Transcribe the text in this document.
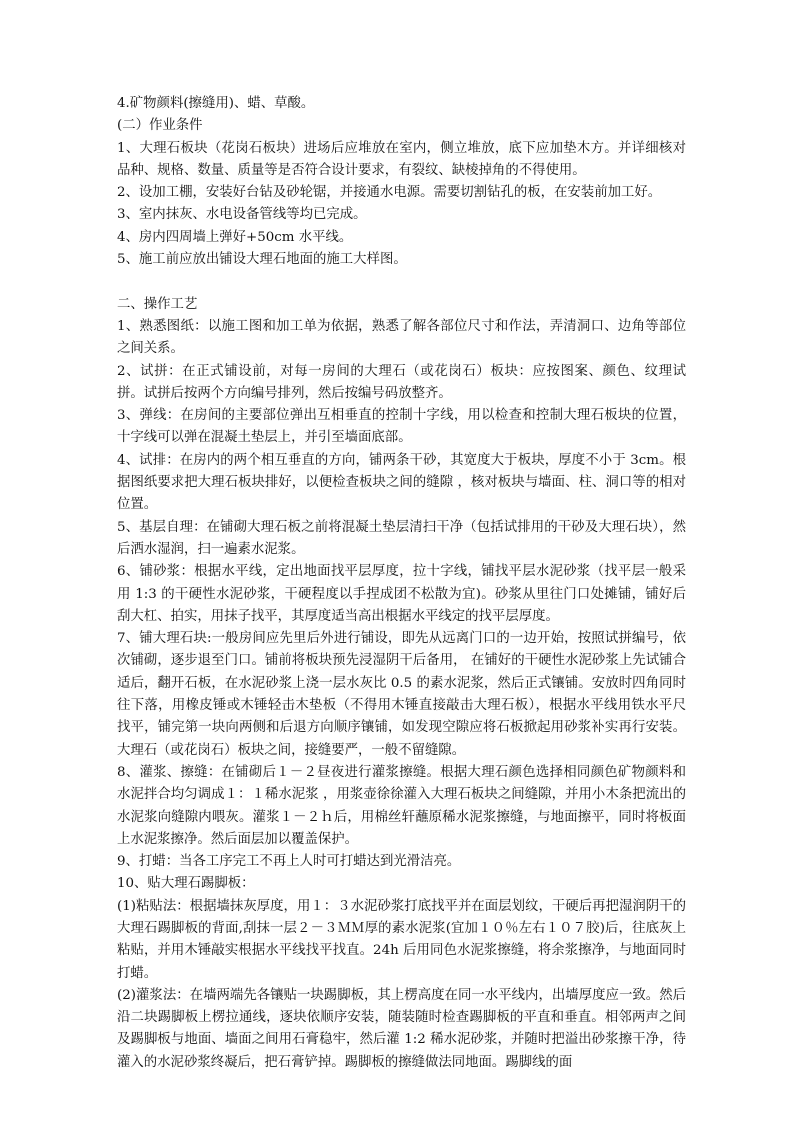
4.矿物颜料(擦缝用)、蜡、草酸。

(二）作业条件

1、大理石板块（花岗石板块）进场后应堆放在室内，侧立堆放，底下应加垫木方。并详细核对品种、规格、数量、质量等是否符合设计要求，有裂纹、缺棱掉角的不得使用。

2、设加工棚，安装好台钻及砂轮锯，并接通水电源。需要切割钻孔的板，在安装前加工好。

3、室内抹灰、水电设备管线等均已完成。

4、房内四周墙上弹好+50cm 水平线。

5、施工前应放出铺设大理石地面的施工大样图。

二、操作工艺

1、熟悉图纸：以施工图和加工单为依据，熟悉了解各部位尺寸和作法，弄清洞口、边角等部位之间关系。

2、试拼：在正式铺设前，对每一房间的大理石（或花岗石）板块：应按图案、颜色、纹理试拼。试拼后按两个方向编号排列，然后按编号码放整齐。

3、弹线：在房间的主要部位弹出互相垂直的控制十字线，用以检查和控制大理石板块的位置，十字线可以弹在混凝土垫层上，并引至墙面底部。

4、试排：在房内的两个相互垂直的方向，铺两条干砂，其宽度大于板块，厚度不小于 3cm。根据图纸要求把大理石板块排好，以便检查板块之间的缝隙 ，核对板块与墙面、柱、洞口等的相对位置。

5、基层自理：在铺砌大理石板之前将混凝土垫层清扫干净（包括试排用的干砂及大理石块），然后洒水湿润，扫一遍素水泥浆。

6、铺砂浆：根据水平线，定出地面找平层厚度，拉十字线，铺找平层水泥砂浆（找平层一般采用 1:3 的干硬性水泥砂浆，干硬程度以手捏成团不松散为宜)。砂浆从里往门口处摊铺，铺好后刮大杠、拍实，用抹子找平，其厚度适当高出根据水平线定的找平层厚度。

7、铺大理石块:一般房间应先里后外进行铺设，即先从远离门口的一边开始，按照试拼编号，依次铺砌，逐步退至门口。铺前将板块预先浸湿阴干后备用， 在铺好的干硬性水泥砂浆上先试铺合适后，翻开石板，在水泥砂浆上浇一层水灰比 0.5 的素水泥浆，然后正式镶铺。安放时四角同时往下落，用橡皮锤或木锤轻击木垫板（不得用木锤直接敲击大理石板），根据水平线用铁水平尺找平，铺完第一块向两侧和后退方向顺序镶铺，如发现空隙应将石板掀起用砂浆补实再行安装。大理石（或花岗石）板块之间，接缝要严，一般不留缝隙。

8、灌浆、擦缝：在铺砌后１－２昼夜进行灌浆擦缝。根据大理石颜色选择相同颜色矿物颜料和水泥拌合均匀调成１：１稀水泥浆 ，用浆壶徐徐灌入大理石板块之间缝隙，并用小木条把流出的水泥浆向缝隙内喂灰。灌浆１－２ｈ后，用棉丝轩蘸原稀水泥浆擦缝，与地面擦平，同时将板面上水泥浆擦净。然后面层加以覆盖保护。

9、打蜡：当各工序完工不再上人时可打蜡达到光滑洁亮。

10、贴大理石踢脚板：

(1)粘贴法：根据墙抹灰厚度，用１：３水泥砂浆打底找平并在面层划纹，干硬后再把湿润阴干的大理石踢脚板的背面,刮抹一层２－３ＭＭ厚的素水泥浆(宜加１０％左右１０７胶)后，往底灰上粘贴，并用木锤敲实根据水平线找平找直。24h 后用同色水泥浆擦缝，将余浆擦净，与地面同时打蜡。

(2)灌浆法：在墙两端先各镶贴一块踢脚板，其上楞高度在同一水平线内，出墙厚度应一致。然后沿二块踢脚板上楞拉通线，逐块依顺序安装，随装随时检查踢脚板的平直和垂直。相邻两声之间及踢脚板与地面、墙面之间用石膏稳牢，然后灌 1:2 稀水泥砂浆，并随时把溢出砂浆擦干净，待灌入的水泥砂浆终凝后，把石膏铲掉。踢脚板的擦缝做法同地面。踢脚线的面
